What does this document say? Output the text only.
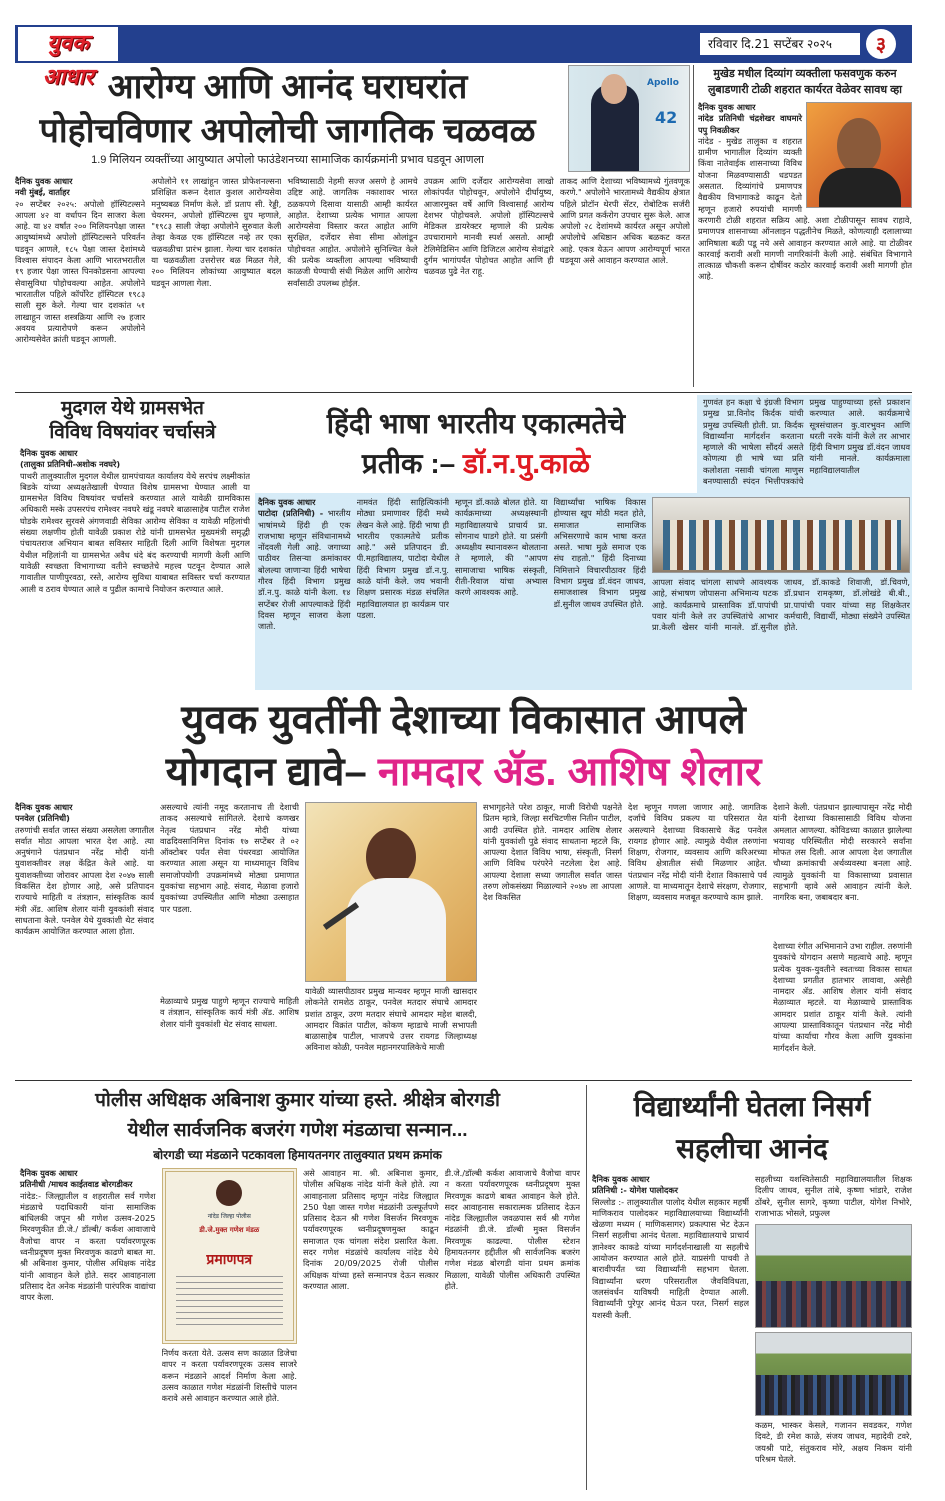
युवक आधार
रविवार दि.21 सप्टेंबर २०२५	३
आरोग्य आणि आनंद घराघरांत
पोहोचविणार अपोलोची जागतिक चळवळ
1.9 मिलियन व्यक्तींच्या आयुष्यात अपोलो फाउंडेशनच्या सामाजिक कार्यक्रमांनी प्रभाव घडवून आणला
Apollo
42
दैनिक युवक आधार
नवी मुंबई, वार्ताहर
२० सप्टेंबर २०२५: अपोलो हॉस्पिटल्सने आपला ४२ वा वर्धापन दिन साजरा केला आहे. या ४२ वर्षांत २०० मिलियनपेक्षा जास्त आयुष्यांमध्ये अपोलो हॉस्पिटल्सने परिवर्तन घडवून आणले, १८५ पेक्षा जास्त देशांमध्ये विश्वास संपादन केला आणि भारतभरातील १९ हजार पेक्षा जास्त पिनकोडसना आपल्या सेवासुविधा पोहोचवल्या आहेत. अपोलोने भारतातील पहिले कॉर्पोरेट हॉस्पिटल १९८३ साली सुरु केले. गेल्या चार दशकांत ५१ लाखाहून जास्त शस्त्रक्रिया आणि २७ हजार अवयव प्रत्यारोपणे करून अपोलोने आरोग्यसेवेत क्रांती घडवून आणली.
अपोलोने ११ लाखांहून जास्त प्रोफेशनल्सना प्रशिक्षित करून देशात कुशल आरोग्यसेवा मनुष्यबळ निर्माण केले. डॉ प्रताप सी. रेड्डी, चेयरमन, अपोलो हॉस्पिटल्स ग्रुप म्हणाले, "१९८३ साली जेव्हा अपोलोने सुरुवात केली तेव्हा केवळ एक हॉस्पिटल नव्हे तर एका चळवळीचा प्रारंभ झाला. गेल्या चार दशकांत या चळवळीला उत्तरोत्तर बळ मिळत गेले, २०० मिलियन लोकांच्या आयुष्यात बदल घडवून आणला गेला.
भविष्यासाठी नेहमी सज्ज असणे हे आमचे उद्दिष्ट आहे. जागतिक नकाशावर भारत ठळकपणे दिसावा यासाठी आम्ही कार्यरत आहोत. देशाच्या प्रत्येक भागात आपला आरोग्यसेवा विस्तार करत आहोत आणि सुरक्षित, दर्जेदार सेवा सीमा ओलांडून पोहोचवत आहोत. अपोलोने सुनिश्चित केले की प्रत्येक व्यक्तीला आपल्या भविष्याची काळजी घेण्याची संधी मिळेल आणि आरोग्य सर्वांसाठी उपलब्ध होईल.
उपक्रम आणि दर्जेदार आरोग्यसेवा लाखो लोकांपर्यंत पोहोचवून, अपोलोने दीर्घायुष्य, आजारमुक्त वर्षे आणि विश्वासार्ह आरोग्य देशभर पोहोचवले. अपोलो हॉस्पिटल्सचे मेडिकल डायरेक्टर म्हणाले की प्रत्येक उपचारामागे मानवी स्पर्श असतो. आम्ही टेलिमेडिसिन आणि डिजिटल आरोग्य सेवांद्वारे दुर्गम भागांपर्यंत पोहोचत आहोत आणि ही चळवळ पुढे नेत राहू.
ताकद आणि देशाच्या भविष्यामध्ये गुंतवणूक करणे." अपोलोने भारतामध्ये वैद्यकीय क्षेत्रात पहिले प्रोटॉन थेरपी सेंटर, रोबोटिक सर्जरी आणि प्रगत कर्करोग उपचार सुरू केले. आज अपोलो २८ देशांमध्ये कार्यरत असून अपोलो अपोलोचे अधिष्ठान अधिक बळकट करत आहे. एकत्र येऊन आपण आरोग्यपूर्ण भारत घडवूया असे आवाहन करण्यात आले.
मुखेड मधील दिव्यांग व्यक्तीला फसवणुक करुन लुबाडणारी टोळी शहरात कार्यरत वेळेवर सावध व्हा
दैनिक युवक आधार
नांदेड प्रतिनिधी चंद्रशेखर वाघमारे पपु निवळीकर
नांदेड - मुखेड तालुका व शहरात ग्रामीण भागातील दिव्यांग व्यक्ती किंवा नातेवाईक शासनाच्या विविध योजना मिळवण्यासाठी धडपडत असतात. दिव्यांगांचे प्रमाणपत्र वैद्यकीय विभागाकडे काढून देतो म्हणून हजारो रुपयांची मागणी करणारी टोळी शहरात सक्रिय आहे. अशा टोळीपासून सावध राहावे, प्रमाणपत्र शासनाच्या ऑनलाइन पद्धतीनेच मिळते, कोणत्याही दलालाच्या आमिषाला बळी पडू नये असे आवाहन करण्यात आले आहे. या टोळीवर कारवाई करावी अशी मागणी नागरिकांनी केली आहे. संबंधित विभागाने तात्काळ चौकशी करून दोषींवर कठोर कारवाई करावी अशी मागणी होत आहे.
मुदगल येथे ग्रामसभेत
विविध विषयांवर चर्चासत्रे
दैनिक युवक आधार
(तालुका प्रतिनिधी-अशोक नवघरे)
पाथरी तालुक्यातील मुदगल येथील ग्रामपंचायत कार्यालय येथे सरपंच लक्ष्मीकांत बिडके यांच्या अध्यक्षतेखाली घेण्यात विशेष ग्रामसभा घेण्यात आली या ग्रामसभेत विविध विषयांवर चर्चासत्रे करण्यात आले यावेळी ग्रामविकास अधिकारी मस्के उपसरपंच रामेश्वर नवघरे खंडू नवघरे बाळासाहेब पाटील राजेश घोडके रामेश्वर सुरवसे अंगणवाडी सेविका आरोग्य सेविका व यावेळी महिलांची संख्या लक्षणीय होती यावेळी प्रकाश रोडे यांनी ग्रामसभेत मुख्यमंत्री समृद्धी पंचायतराज अभियान बाबत सविस्तर माहिती दिली आणि विशेषतः मुदगल येथील महिलांनी या ग्रामसभेत अवैध धंदे बंद करण्याची मागणी केली आणि यावेळी स्वच्छता विभागाच्या वतीने स्वच्छतेचे महत्त्व पटवून देण्यात आले गावातील पाणीपुरवठा, रस्ते, आरोग्य सुविधा याबाबत सविस्तर चर्चा करण्यात आली व ठराव घेण्यात आले व पुढील कामाचे नियोजन करण्यात आले.
हिंदी भाषा भारतीय एकात्मतेचे
प्रतीक :– डॉ.न.पु.काळे
गुणवंत हन कक्षा चे इंग्रजी विभाग प्रमुख प्रा.विनोद किर्दक यांची प्रमुख उपस्थिती होती. प्रा. किर्दक विद्यार्थ्यांना मार्गदर्शन करताना म्हणाले की भाषेला सौंदर्य असते कोणत्या ही भाषे च्या प्रति कलोशता नसावी चांगला माणुस बनण्यासाठी स्पंदन भित्तीपत्रकांचे प्रमुख पाहुण्याच्या हस्ते प्रकाशन करण्यात आले. कार्यक्रमाचे सूत्रसंचालन कु.वारभुवन आणि धरती नरके यांनी केले तर आभार हिंदी विभाग प्रमुख डॉ.वंदन जाधव यांनी मानले. कार्यक्रमाला महाविद्यालयातील
दैनिक युवक आधार
पाटोदा (प्रतिनिधी) - भारतीय भाषांमध्ये हिंदी ही एक राजभाषा म्हणून संविधानामध्ये नोंदवली गेली आहे. जगाच्या पाठीवर तिसऱ्या क्रमांकावर बोलल्या जाणाऱ्या हिंदी भाषेचा गौरव हिंदी विभाग प्रमुख डॉ.न.पु. काळे यांनी केला. १४ सप्टेंबर रोजी आपल्याकडे हिंदी दिवस म्हणून साजरा केला जातो.
नामवंत हिंदी साहित्यिकांनी मोठ्या प्रमाणावर हिंदी मध्ये लेखन केले आहे. हिंदी भाषा ही भारतीय एकात्मतेचे प्रतीक आहे." असे प्रतिपादन डी. पी.महाविद्यालय, पाटोदा येथील हिंदी विभाग प्रमुख डॉ.न.पु. काळे यांनी केले. जय भवानी शिक्षण प्रसारक मंडळ संचलित महाविद्यालयात हा कार्यक्रम पार पडला.
म्हणून डॉ.काळे बोलत होते. या कार्यक्रमाच्या अध्यक्षस्थानी महाविद्यालयाचे प्राचार्य प्रा. सोगनाथ घाडगे होते. या प्रसंगी अध्यक्षीय स्थानावरून बोलताना ते म्हणाले, की "आपण सामाजाचा भाषिक संस्कृती, रीती-रिवाज यांचा अभ्यास करणे आवश्यक आहे.
विद्यार्थ्यांचा भाषिक विकास होण्यास खूप मोठी मदत होते, समाजात सामाजिक अभिसरणाचे काम भाषा करत असते. भाषा मुळे समाज एक संघ राहतो." हिंदी दिनाच्या निमित्ताने विचारपीठावर हिंदी विभाग प्रमुख डॉ.वंदन जाधव, समाजशास्त्र विभाग प्रमुख डॉ.सुनील जाधव उपस्थित होते.
आपला संवाद चांगला साधणे आवश्यक आहे, संभाषण जोपासना अभिमान्य घटक आहे. कार्यक्रमाचे प्रास्ताविक डॉ.पापांची पवार यांनी केले तर उपस्थितांचे आभार प्रा.केली खेसर यांनी मानले. डॉ.सुनील जाधव, डॉ.काकडे शिवाजी, डॉ.चिवणे, डॉ.प्रधान रामकृष्ण, डॉ.लोखंडे बी.बी., प्रा.पापांची पवार यांच्या सह शिक्षकेतर कर्मचारी, विद्यार्थी, मोठ्या संख्येने उपस्थित होते.
युवक युवतींनी देशाच्या विकासात आपले
योगदान द्यावे– नामदार ॲड. आशिष शेलार
दैनिक युवक आधार
पनवेल (प्रतिनिधी)
तरुणांची सर्वात जास्त संख्या असलेला जगातील सर्वात मोठा आपला भारत देश आहे. त्या अनुषंगाने पंतप्रधान नरेंद्र मोदी यांनी युवाशक्तीवर लक्ष केंद्रित केले आहे. या युवाशक्तीच्या जोरावर आपला देश २०४७ साली विकसित देश होणार आहे, असे प्रतिपादन राज्याचे माहिती व तंत्रज्ञान, सांस्कृतिक कार्य मंत्री ॲड. आशिष शेलार यांनी युवकांशी संवाद साधताना केले. पनवेल येथे युवकांशी थेट संवाद कार्यक्रम आयोजित करण्यात आला होता.
असल्याचे त्यांनी नमूद करतानाच ती देशाची ताकद असल्याचे सांगितले. देशाचे कणखर नेतृत्व पंतप्रधान नरेंद्र मोदी यांच्या वाढदिवसानिमित्त दिनांक १७ सप्टेंबर ते ०२ ऑक्टोबर पर्यंत सेवा पंधरवडा आयोजित करण्यात आला असून या माध्यमातून विविध समाजोपयोगी उपक्रमांमध्ये मोठ्या प्रमाणात युवकांचा सहभाग आहे. संवाद, मेळावा हजारो युवकांच्या उपस्थितीत आणि मोठ्या उत्साहात पार पडला.
मेळाव्याचे प्रमुख पाहुणे म्हणून राज्याचे माहिती व तंत्रज्ञान, सांस्कृतिक कार्य मंत्री ॲड. आशिष शेलार यांनी युवकांशी थेट संवाद साधला.
यावेळी व्यासपीठावर प्रमुख मान्यवर म्हणून माजी खासदार लोकनेते रामशेठ ठाकूर, पनवेल मतदार संघाचे आमदार प्रशांत ठाकूर, उरण मतदार संघाचे आमदार महेश बालदी, आमदार विक्रांत पाटील, कोकण म्हाडाचे माजी सभापती बाळासाहेब पाटील, भाजपचे उत्तर रायगड जिल्हाध्यक्ष अविनाश कोळी, पनवेल महानगरपालिकेचे माजी
सभागृहनेते परेश ठाकूर, माजी विरोधी पक्षनेते प्रितम म्हात्रे, जिल्हा सरचिटणीस नितीन पाटील, आदी उपस्थित होते. नामदार आशिष शेलार यांनी युवकांशी पुढे संवाद साधताना म्हटले कि, आपल्या देशात विविध भाषा, संस्कृती, निसर्ग आणि विविध परंपरेने नटलेला देश आहे. आपल्या देशाला सध्या जगातील सर्वात जास्त तरुण लोकसंख्या मिळाल्याने २०४७ ला आपला देश विकसित
देश म्हणून गणला जाणार आहे. जागतिक दर्जाचे विविध प्रकल्प या परिसरात येत असल्याने देशाच्या विकासाचे केंद्र पनवेल रायगड होणार आहे. त्यामुळे येथील तरुणांना शिक्षण, रोजगार, व्यवसाय आणि करिअरच्या विविध क्षेत्रातील संधी मिळणार आहेत. पंतप्रधान नरेंद्र मोदी यांनी देशात विकासाचे पर्व आणले. या माध्यमातून देशाचे संरक्षण, रोजगार, शिक्षण, व्यवसाय मजबूत करण्याचे काम झाले.
देशाने केली. पंतप्रधान झाल्यापासून नरेंद्र मोदी यांनी देशाच्या विकासासाठी विविध योजना अमलात आणल्या. कोविडच्या काळात झालेल्या भयावह परिस्थितीत मोदी सरकारने सर्वांना मोफत लस दिली. आज आपला देश जगातील चौथ्या क्रमांकाची अर्थव्यवस्था बनला आहे. त्यामुळे युवकांनी या विकासाच्या प्रवासात सहभागी व्हावे असे आवाहन त्यांनी केले. नागरिक बना, जबाबदार बना.
देशाच्या रंगीत अभिमानाने उभा राहील. तरुणांनी युवकांचे योगदान असणे महत्वाचे आहे. म्हणून प्रत्येक युवक-युवतीने स्वतःच्या विकास साधत देशाच्या प्रगतीत हातभार लावावा, असेही नामदार ॲड. आशिष शेलार यांनी संवाद मेळाव्यात म्हटले. या मेळाव्याचे प्रास्ताविक आमदार प्रशांत ठाकूर यांनी केले. त्यांनी आपल्या प्रास्ताविकातून पंतप्रधान नरेंद्र मोदी यांच्या कार्याचा गौरव केला आणि युवकांना मार्गदर्शन केले.
पोलीस अधिक्षक अबिनाश कुमार यांच्या हस्ते. श्रीक्षेत्र बोरगडी
येथील सार्वजनिक बजरंग गणेश मंडळाचा सन्मान...
बोरगडी च्या मंडळाने पटकावला हिमायतनगर तालुक्यात प्रथम क्रमांक
दैनिक युवक आधार
प्रतिनीधी /माधव काईतवाड बोरगडीकर
नांदेड:- जिल्ह्यातील व शहरातील सर्व गणेश मंडळाचे पदाधिकारी यांना सामाजिक बांधिलकी जपून श्री गणेश उत्सव-2025 मिरवणुकीत डी.जे./ डॉल्बी/ कर्कश आवाजाचे वैजोचा वापर न करता पर्यावरणपूरक ध्वनीप्रदूषण मुक्त मिरवणुक काढणे बाबत मा. श्री अबिनाश कुमार, पोलीस अधिक्षक नांदेड यांनी आवाहन केले होते. सदर आवाहनाला प्रतिसाद देत अनेक मंडळांनी पारंपरिक वाद्यांचा वापर केला.
नांदेड जिल्हा पोलीस
डी.जे.मुक्त गणेश मंडळ
प्रमाणपत्र
निर्णय करता येते. उत्सव सण काळात डिजेचा वापर न करता पर्यावरणपूरक उत्सव साजरे करून मंडळाने आदर्श निर्माण केला आहे. उत्सव काळात गणेश मंडळांनी शिस्तीचे पालन करावे असे आवाहन करण्यात आले होते.
असे आवाहन मा. श्री. अबिनाश कुमार, पोलीस अधिक्षक नांदेड यांनी केले होते. त्या आवाहनाला प्रतिसाद म्हणून नांदेड जिल्ह्यात 250 पेक्षा जास्त गणेश मंडळांनी उत्स्फूर्तपणे प्रतिसाद देऊन श्री गणेश विसर्जन मिरवणूक पर्यावरणपूरक ध्वनीप्रदूषणमुक्त काढून समाजात एक चांगला संदेश प्रसारित केला. सदर गणेश मंडळांचे कार्यालय नांदेड येथे दिनांक 20/09/2025 रोजी पोलीस अधिक्षक यांच्या हस्ते सन्मानपत्र देऊन सत्कार करण्यात आला.
डी.जे./डॉल्बी कर्कश आवाजाचे वैजोचा वापर न करता पर्यावरणपूरक ध्वनीप्रदूषण मुक्त मिरवणूक काढणे बाबत आवाहन केले होते. सदर आवाहनास सकारात्मक प्रतिसाद देऊन नांदेड जिल्ह्यातील जवळपास सर्व श्री गणेश मंडळांनी डी.जे. डॉल्बी मुक्त विसर्जन मिरवणूक काढल्या. पोलीस स्टेशन हिमायतनगर हद्दीतील श्री सार्वजनिक बजरंग गणेश मंडळ बोरगडी यांना प्रथम क्रमांक मिळाला, यावेळी पोलीस अधिकारी उपस्थित होते.
विद्यार्थ्यांनी घेतला निसर्ग
सहलीचा आनंद
दैनिक युवक आधार
प्रतिनिधी :- योगेश पालोदकर
सिल्लोड :- तालुक्यातील पालोद येथील सहकार महर्षी माणिकराव पालोदकर महाविद्यालयाच्या विद्यार्थ्यांनी खेळणा मध्यम ( माणिकसागर) प्रकल्पास भेट देऊन निसर्ग सहलीचा आनंद घेतला. महाविद्यालयाचे प्राचार्य ज्ञानेश्वर काकडे यांच्या मार्गदर्शनाखाली या सहलीचे आयोजन करण्यात आले होते. याप्रसंगी पाचवी ते बारावीपर्यंत च्या विद्यार्थ्यांनी सहभाग घेतला. विद्यार्थ्यांना धरण परिसरातील जैवविविधता, जलसंवर्धन याविषयी माहिती देण्यात आली. विद्यार्थ्यांनी पुरेपूर आनंद घेऊन परत, निसर्ग सहल यशस्वी केली.
सहलीच्या यशस्वितेसाठी महाविद्यालयातील शिक्षक दिलीप जाधव, सुनील तांबे, कृष्णा भांडारे, राजेश ठोंबरे, सुनील सागरे, कृष्णा पाटील, योगेश निभोरे, राजाभाऊ भोसले, प्रफुल्ल
कळम, भास्कर केसले, गजानन सवडकर, गणेश दिवटे, डी रमेश काळे, संजय जाधव, महादेवी टवरे, जयश्री पाटे, संतुकराव मोरे, अक्षय निकम यांनी परिश्रम घेतले.
